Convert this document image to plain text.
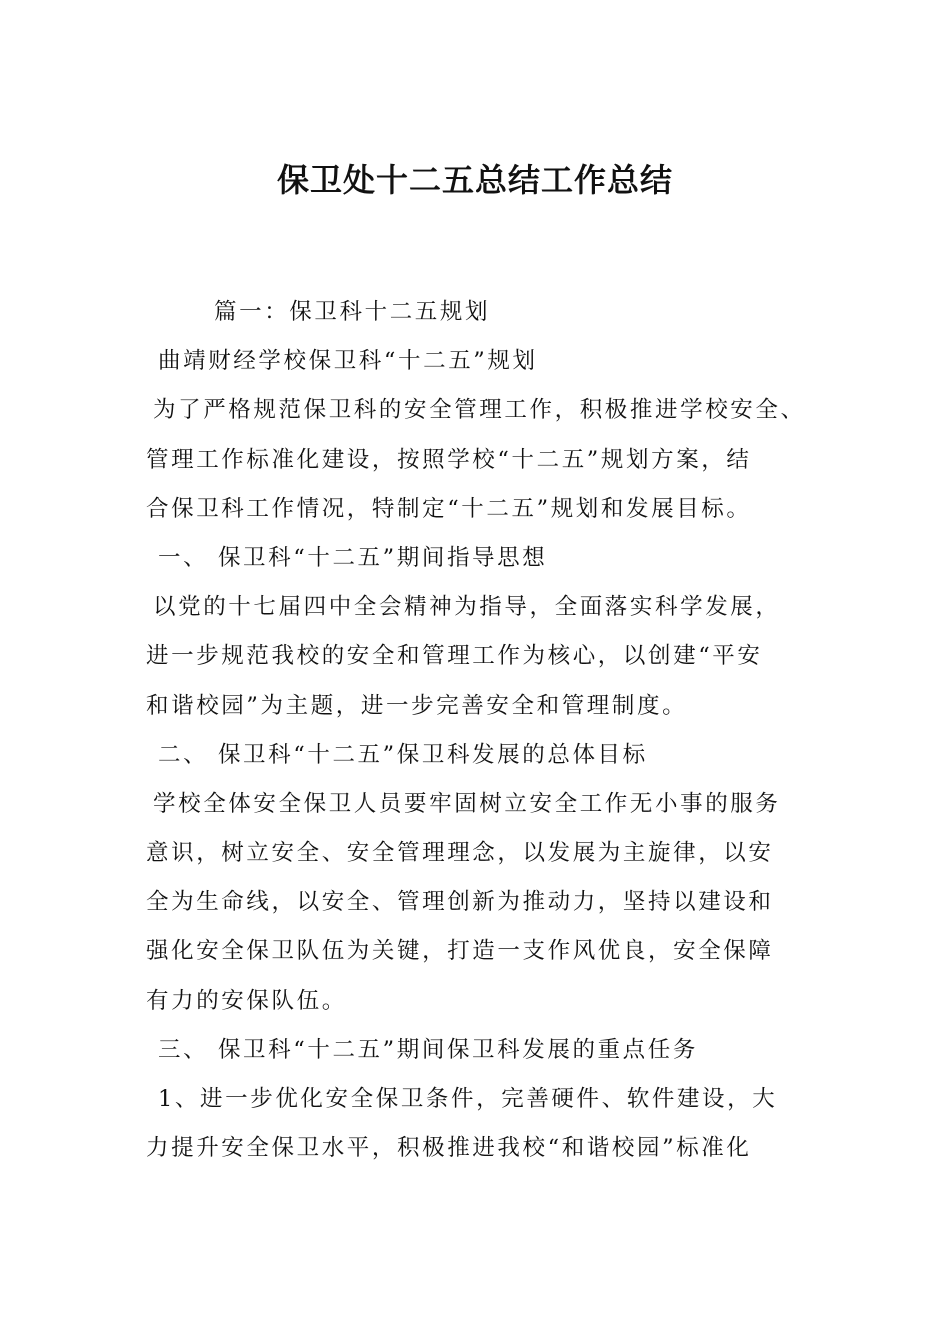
保卫处十二五总结工作总结

篇一：保卫科十二五规划

曲靖财经学校保卫科“十二五”规划

为了严格规范保卫科的安全管理工作，积极推进学校安全、

管理工作标准化建设，按照学校“十二五”规划方案，结

合保卫科工作情况，特制定“十二五”规划和发展目标。

一、 保卫科“十二五”期间指导思想

以党的十七届四中全会精神为指导，全面落实科学发展，

进一步规范我校的安全和管理工作为核心，以创建“平安

和谐校园”为主题，进一步完善安全和管理制度。

二、 保卫科“十二五”保卫科发展的总体目标

学校全体安全保卫人员要牢固树立安全工作无小事的服务

意识，树立安全、安全管理理念，以发展为主旋律，以安

全为生命线，以安全、管理创新为推动力，坚持以建设和

强化安全保卫队伍为关键，打造一支作风优良，安全保障

有力的安保队伍。

三、 保卫科“十二五”期间保卫科发展的重点任务

1、进一步优化安全保卫条件，完善硬件、软件建设，大

力提升安全保卫水平，积极推进我校“和谐校园”标准化
